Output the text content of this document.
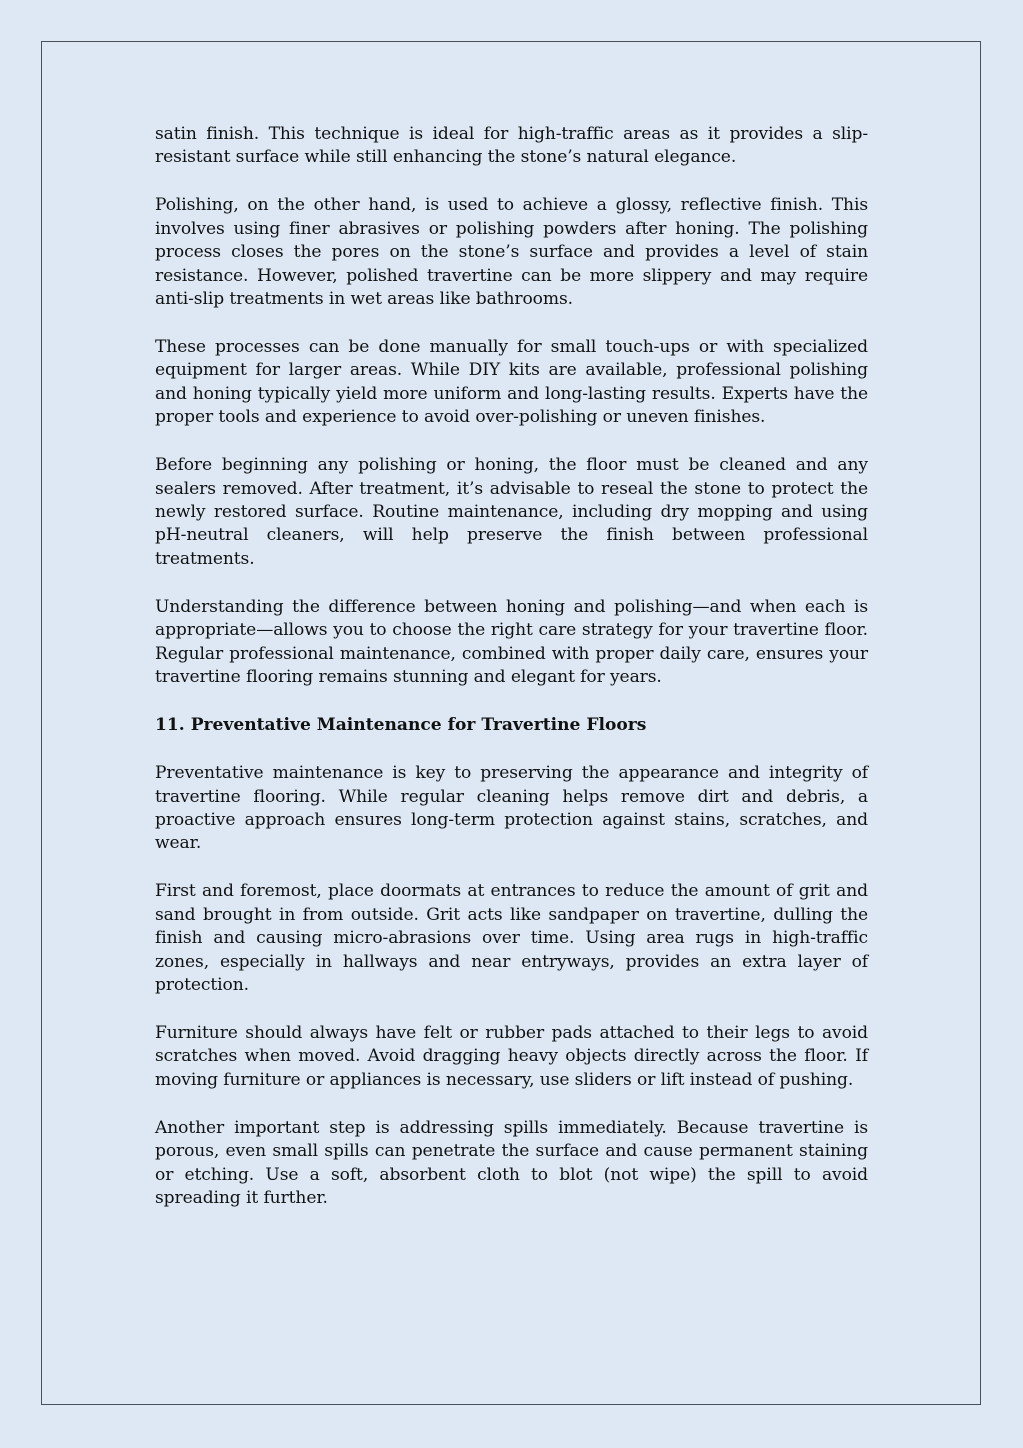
satin finish. This technique is ideal for high-traffic areas as it provides a slip-resistant surface while still enhancing the stone’s natural elegance.

Polishing, on the other hand, is used to achieve a glossy, reflective finish. This involves using finer abrasives or polishing powders after honing. The polishing process closes the pores on the stone’s surface and provides a level of stain resistance. However, polished travertine can be more slippery and may require anti-slip treatments in wet areas like bathrooms.

These processes can be done manually for small touch-ups or with specialized equipment for larger areas. While DIY kits are available, professional polishing and honing typically yield more uniform and long-lasting results. Experts have the proper tools and experience to avoid over-polishing or uneven finishes.

Before beginning any polishing or honing, the floor must be cleaned and any sealers removed. After treatment, it’s advisable to reseal the stone to protect the newly restored surface. Routine maintenance, including dry mopping and using pH-neutral cleaners, will help preserve the finish between professional treatments.

Understanding the difference between honing and polishing—and when each is appropriate—allows you to choose the right care strategy for your travertine floor. Regular professional maintenance, combined with proper daily care, ensures your travertine flooring remains stunning and elegant for years.

11. Preventative Maintenance for Travertine Floors

Preventative maintenance is key to preserving the appearance and integrity of travertine flooring. While regular cleaning helps remove dirt and debris, a proactive approach ensures long-term protection against stains, scratches, and wear.

First and foremost, place doormats at entrances to reduce the amount of grit and sand brought in from outside. Grit acts like sandpaper on travertine, dulling the finish and causing micro-abrasions over time. Using area rugs in high-traffic zones, especially in hallways and near entryways, provides an extra layer of protection.

Furniture should always have felt or rubber pads attached to their legs to avoid scratches when moved. Avoid dragging heavy objects directly across the floor. If moving furniture or appliances is necessary, use sliders or lift instead of pushing.

Another important step is addressing spills immediately. Because travertine is porous, even small spills can penetrate the surface and cause permanent staining or etching. Use a soft, absorbent cloth to blot (not wipe) the spill to avoid spreading it further.
